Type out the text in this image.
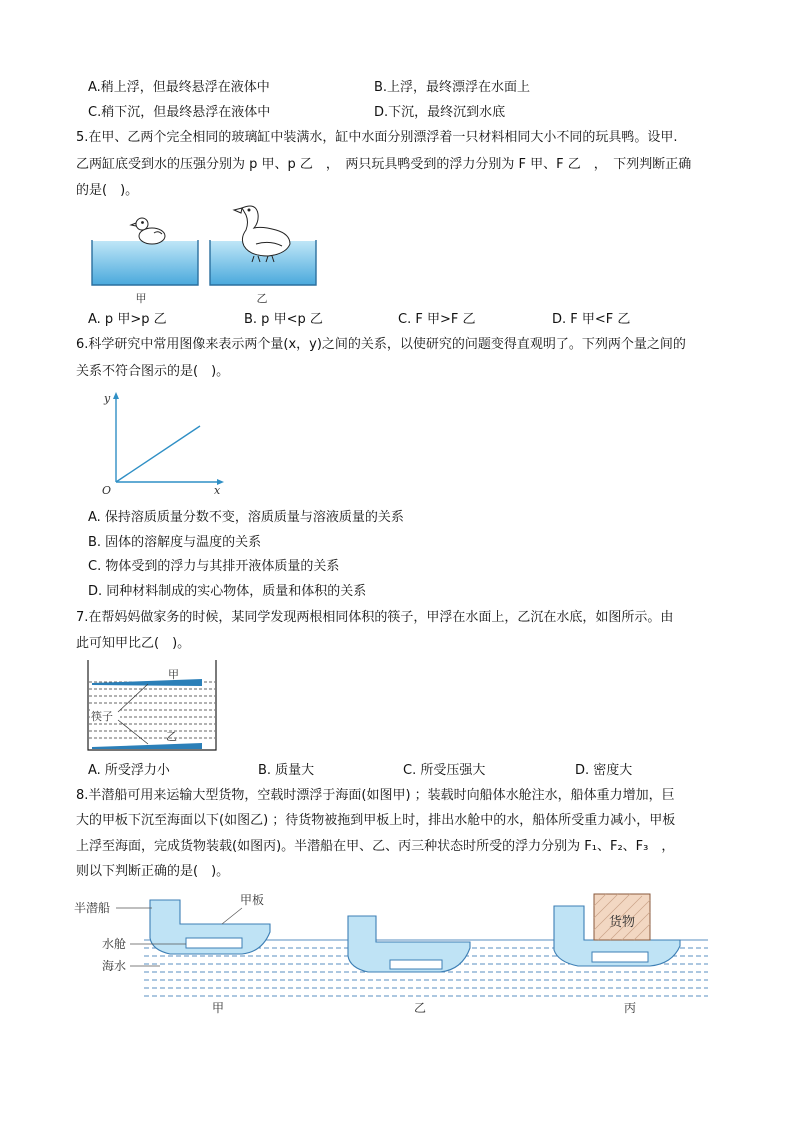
A.稍上浮，但最终悬浮在液体中	B.上浮，最终漂浮在水面上
C.稍下沉，但最终悬浮在液体中	D.下沉，最终沉到水底
5.在甲、乙两个完全相同的玻璃缸中装满水，缸中水面分别漂浮着一只材料相同大小不同的玩具鸭。设甲.
乙两缸底受到水的压强分别为 p 甲、p 乙　，　两只玩具鸭受到的浮力分别为 F 甲、F 乙　，　下列判断正确
的是(　)。
甲	乙
A. p 甲>p 乙	B. p 甲<p 乙	C. F 甲>F 乙	D. F 甲<F 乙
6.科学研究中常用图像来表示两个量(x，y)之间的关系，以使研究的问题变得直观明了。下列两个量之间的
关系不符合图示的是(　)。
y
x
O
A. 保持溶质质量分数不变，溶质质量与溶液质量的关系
B. 固体的溶解度与温度的关系
C. 物体受到的浮力与其排开液体质量的关系
D. 同种材料制成的实心物体，质量和体积的关系
7.在帮妈妈做家务的时候，某同学发现两根相同体积的筷子，甲浮在水面上，乙沉在水底，如图所示。由
此可知甲比乙(　)。
甲
乙
筷子
A. 所受浮力小	B. 质量大	C. 所受压强大	D. 密度大
8.半潜船可用来运输大型货物，空载时漂浮于海面(如图甲) ；装载时向船体水舱注水，船体重力增加，巨
大的甲板下沉至海面以下(如图乙) ；待货物被拖到甲板上时，排出水舱中的水，船体所受重力减小，甲板
上浮至海面，完成货物装载(如图丙)。半潜船在甲、乙、丙三种状态时所受的浮力分别为 F₁、F₂、F₃　，
则以下判断正确的是(　)。
货物
半潜船
甲板
水舱
海水
甲	乙	丙
